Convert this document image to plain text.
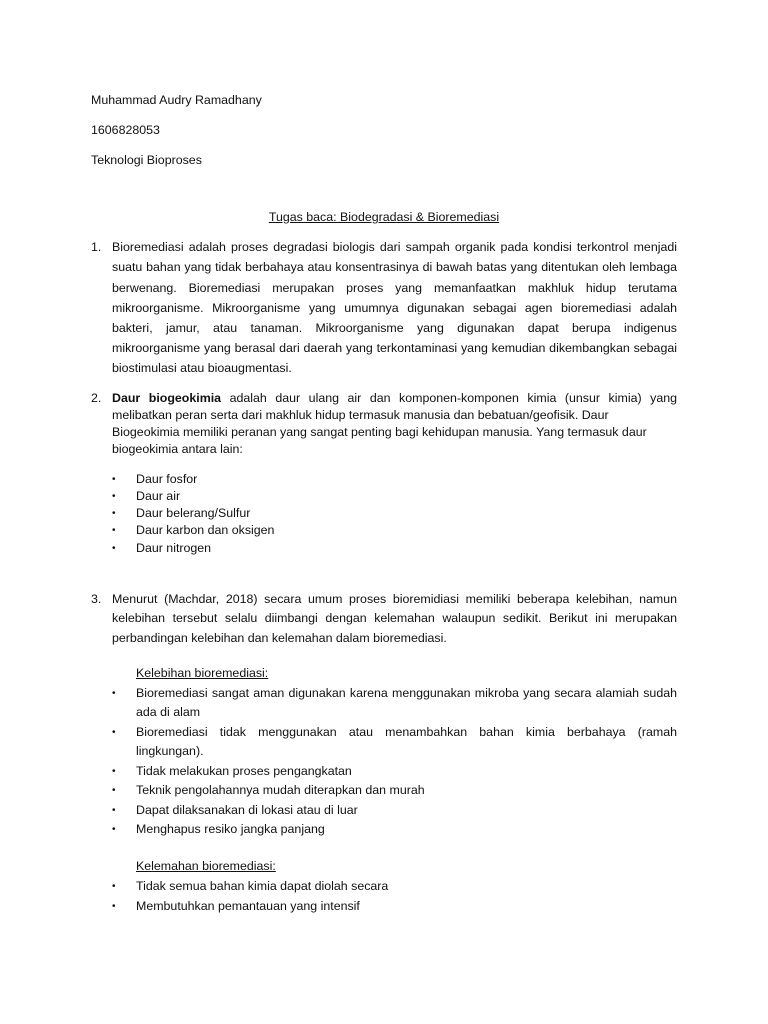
Muhammad Audry Ramadhany
1606828053
Teknologi Bioproses
Tugas baca: Biodegradasi & Bioremediasi
1. Bioremediasi adalah proses degradasi biologis dari sampah organik pada kondisi terkontrol menjadi
suatu bahan yang tidak berbahaya atau konsentrasinya di bawah batas yang ditentukan oleh lembaga
berwenang. Bioremediasi merupakan proses yang memanfaatkan makhluk hidup terutama
mikroorganisme. Mikroorganisme yang umumnya digunakan sebagai agen bioremediasi adalah
bakteri, jamur, atau tanaman. Mikroorganisme yang digunakan dapat berupa indigenus
mikroorganisme yang berasal dari daerah yang terkontaminasi yang kemudian dikembangkan sebagai
biostimulasi atau bioaugmentasi.
2. Daur biogeokimia adalah daur ulang air dan komponen-komponen kimia (unsur kimia) yang
melibatkan peran serta dari makhluk hidup termasuk manusia dan bebatuan/geofisik. Daur
Biogeokimia memiliki peranan yang sangat penting bagi kehidupan manusia. Yang termasuk daur
biogeokimia antara lain:
• Daur fosfor
• Daur air
• Daur belerang/Sulfur
• Daur karbon dan oksigen
• Daur nitrogen
3. Menurut (Machdar, 2018) secara umum proses bioremidiasi memiliki beberapa kelebihan, namun
kelebihan tersebut selalu diimbangi dengan kelemahan walaupun sedikit. Berikut ini merupakan
perbandingan kelebihan dan kelemahan dalam bioremediasi.
Kelebihan bioremediasi:
• Bioremediasi sangat aman digunakan karena menggunakan mikroba yang secara alamiah sudah
ada di alam
• Bioremediasi tidak menggunakan atau menambahkan bahan kimia berbahaya (ramah
lingkungan).
• Tidak melakukan proses pengangkatan
• Teknik pengolahannya mudah diterapkan dan murah
• Dapat dilaksanakan di lokasi atau di luar
• Menghapus resiko jangka panjang
Kelemahan bioremediasi:
• Tidak semua bahan kimia dapat diolah secara
• Membutuhkan pemantauan yang intensif
